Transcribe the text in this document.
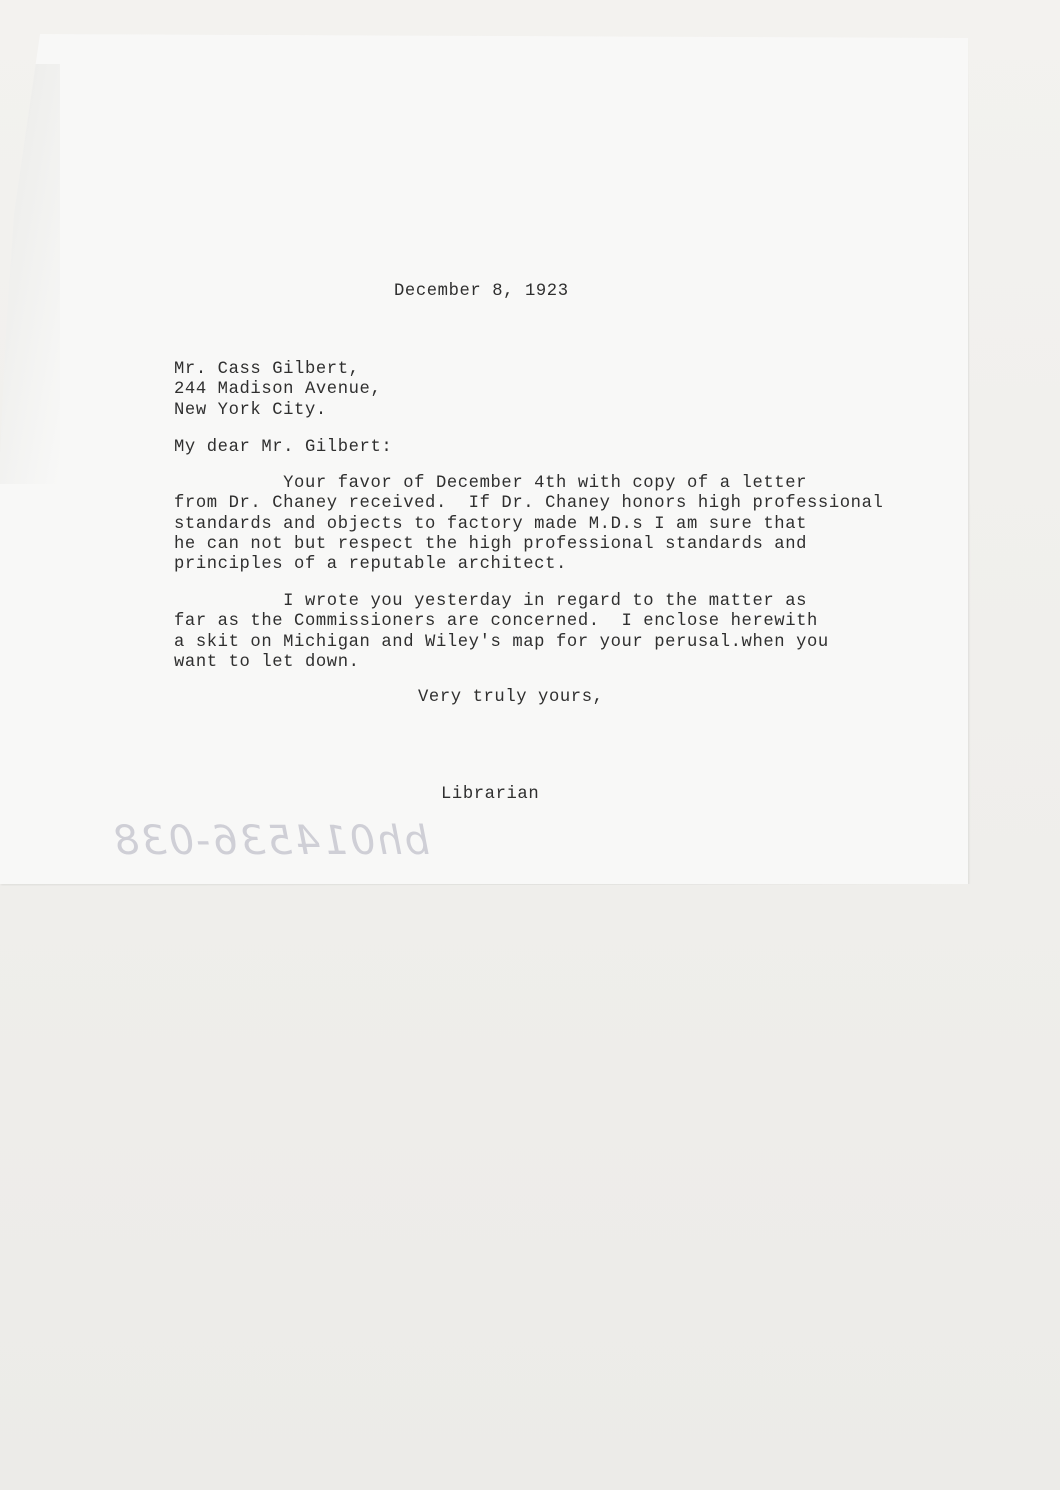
December 8, 1923
Mr. Cass Gilbert,
244 Madison Avenue,
New York City.
My dear Mr. Gilbert:
Your favor of December 4th with copy of a letter
from Dr. Chaney received.  If Dr. Chaney honors high professional
standards and objects to factory made M.D.s I am sure that
he can not but respect the high professional standards and
principles of a reputable architect.
I wrote you yesterday in regard to the matter as
far as the Commissioners are concerned.  I enclose herewith
a skit on Michigan and Wiley's map for your perusal.when you
want to let down.
Very truly yours,
Librarian
bh014536-038
